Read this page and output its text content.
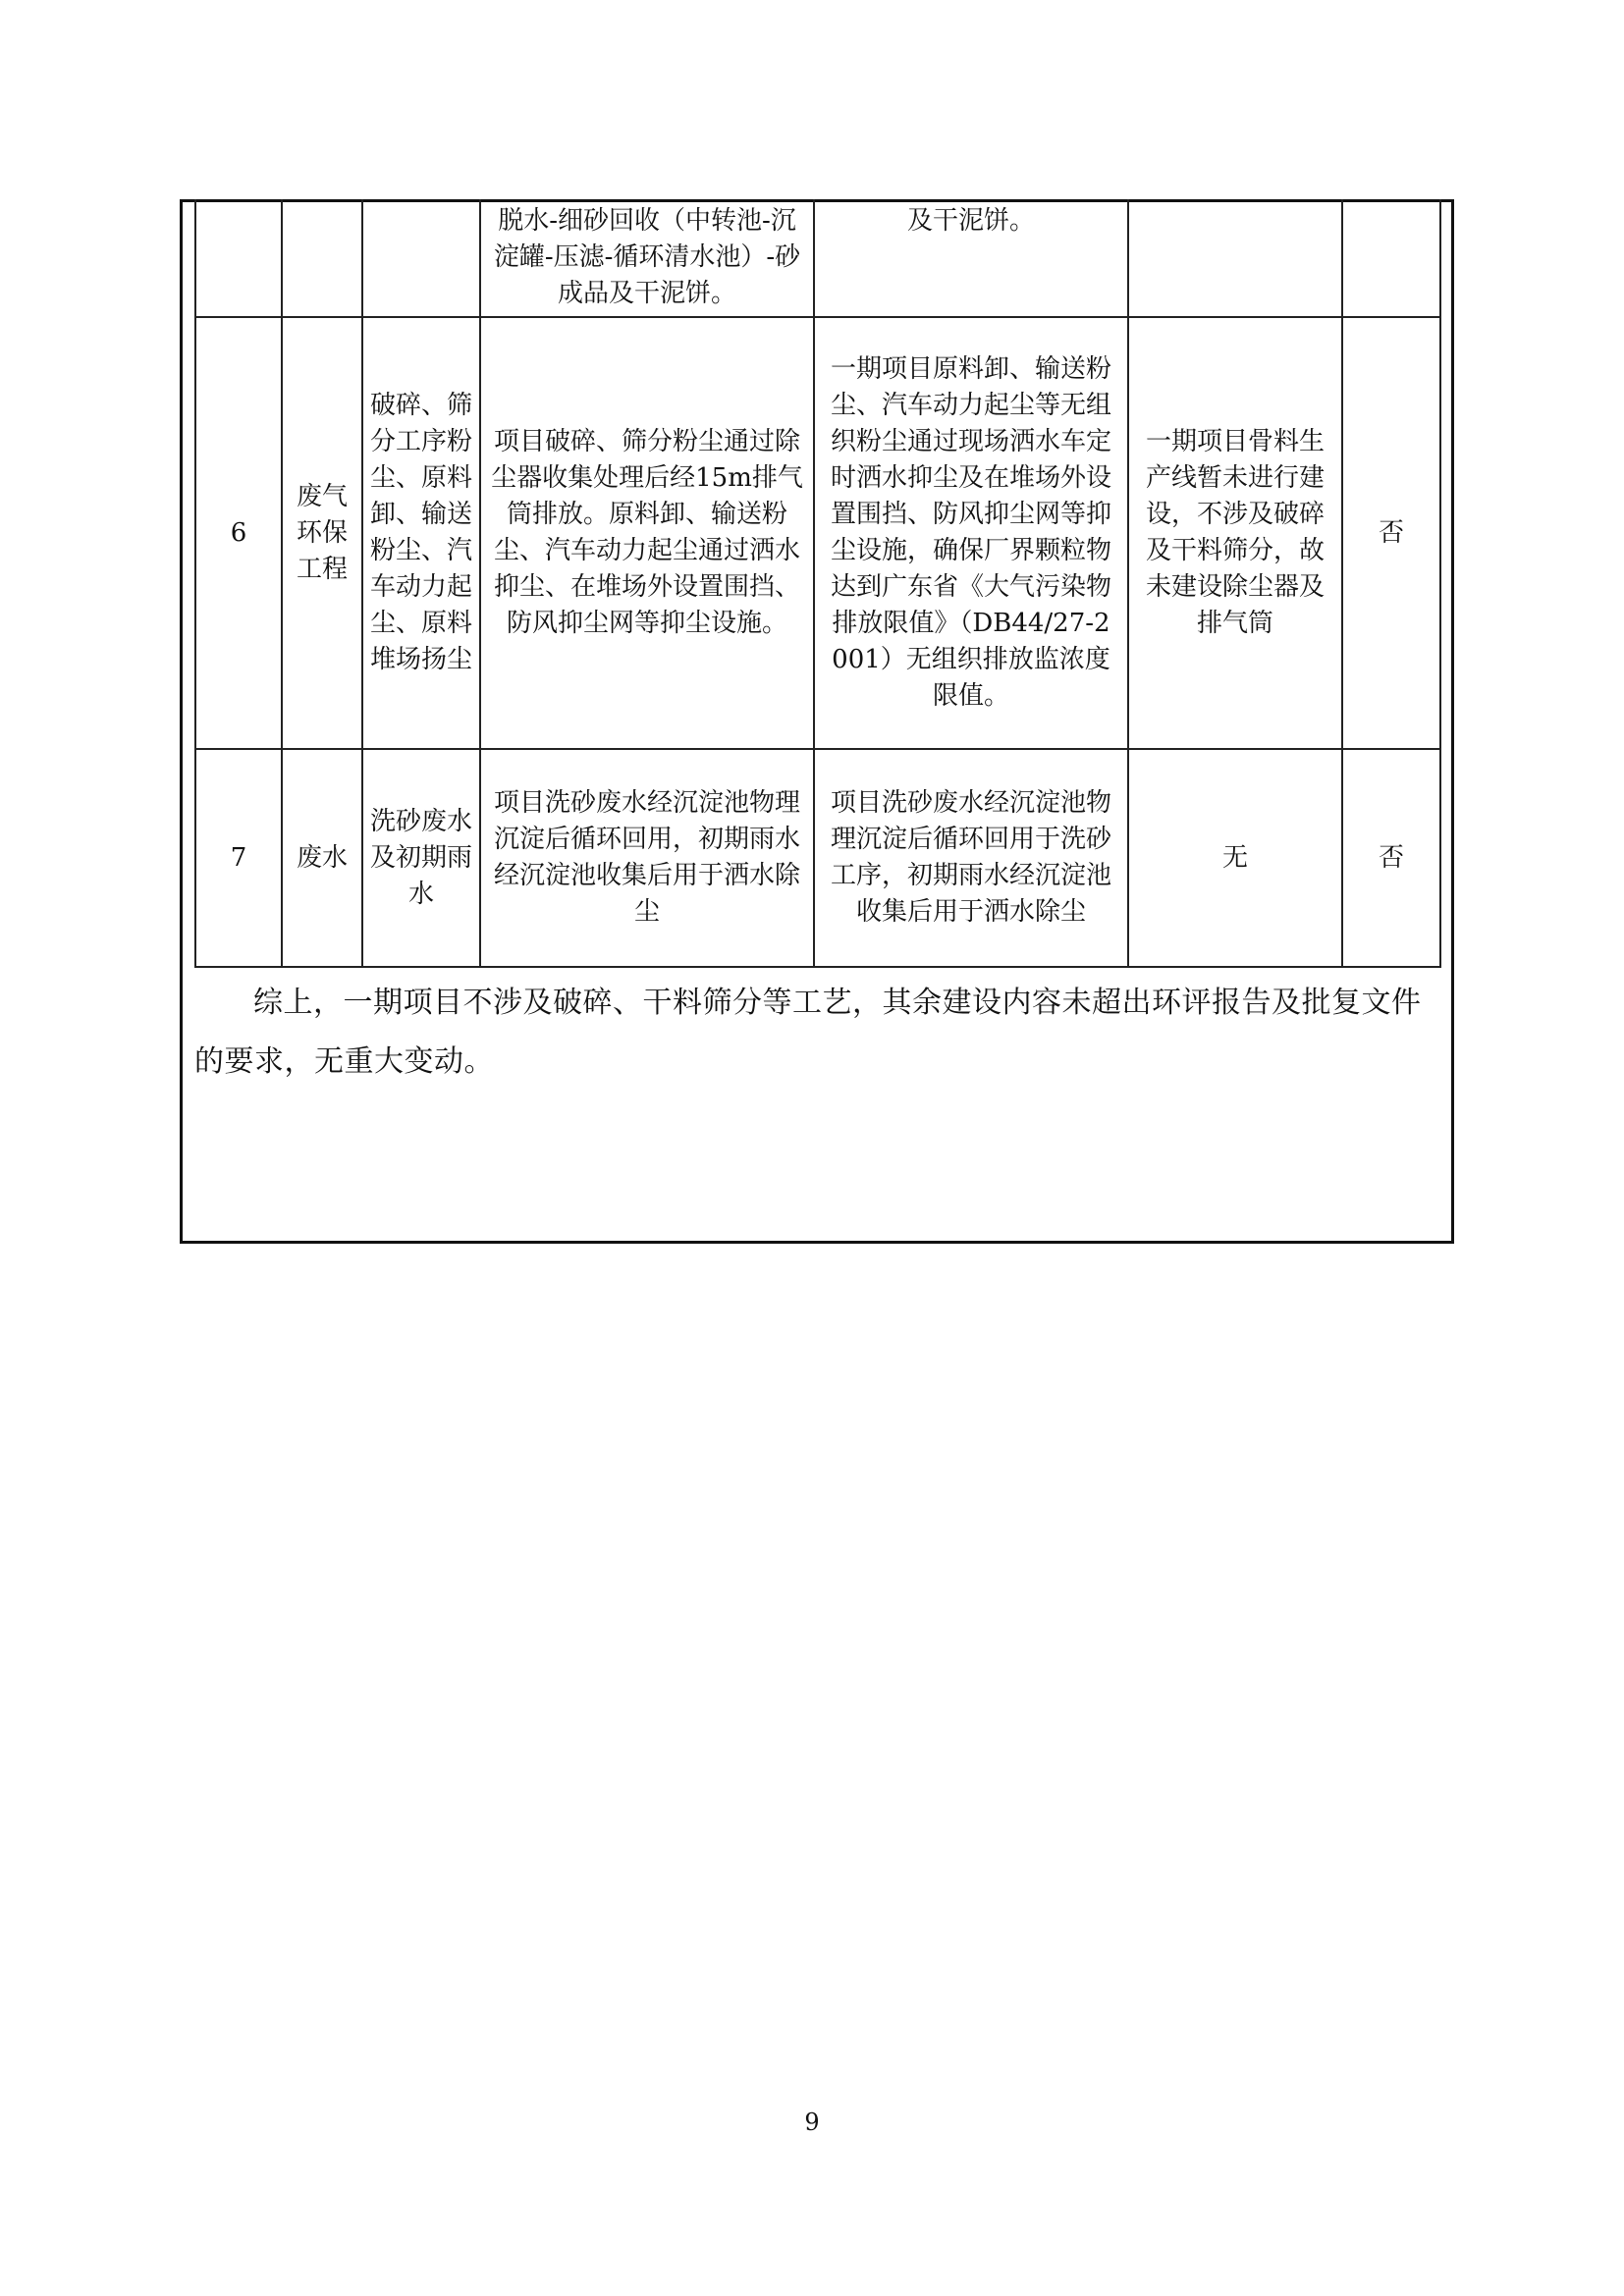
			脱水-细砂回收（中转池-沉淀罐-压滤-循环清水池）-砂成品及干泥饼。	及干泥饼。		
6	废气环保工程	破碎、筛分工序粉尘、原料卸、输送粉尘、汽车动力起尘、原料堆场扬尘	项目破碎、筛分粉尘通过除尘器收集处理后经15m排气筒排放。原料卸、输送粉尘、汽车动力起尘通过洒水抑尘、在堆场外设置围挡、防风抑尘网等抑尘设施。	一期项目原料卸、输送粉尘、汽车动力起尘等无组织粉尘通过现场洒水车定时洒水抑尘及在堆场外设置围挡、防风抑尘网等抑尘设施，确保厂界颗粒物达到广东省《大气污染物排放限值》（DB44/27-2001）无组织排放监浓度限值。	一期项目骨料生产线暂未进行建设，不涉及破碎及干料筛分，故未建设除尘器及排气筒	否
7	废水	洗砂废水及初期雨水	项目洗砂废水经沉淀池物理沉淀后循环回用，初期雨水经沉淀池收集后用于洒水除尘	项目洗砂废水经沉淀池物理沉淀后循环回用于洗砂工序，初期雨水经沉淀池收集后用于洒水除尘	无	否

综上，一期项目不涉及破碎、干料筛分等工艺，其余建设内容未超出环评报告及批复文件的要求，无重大变动。

9
